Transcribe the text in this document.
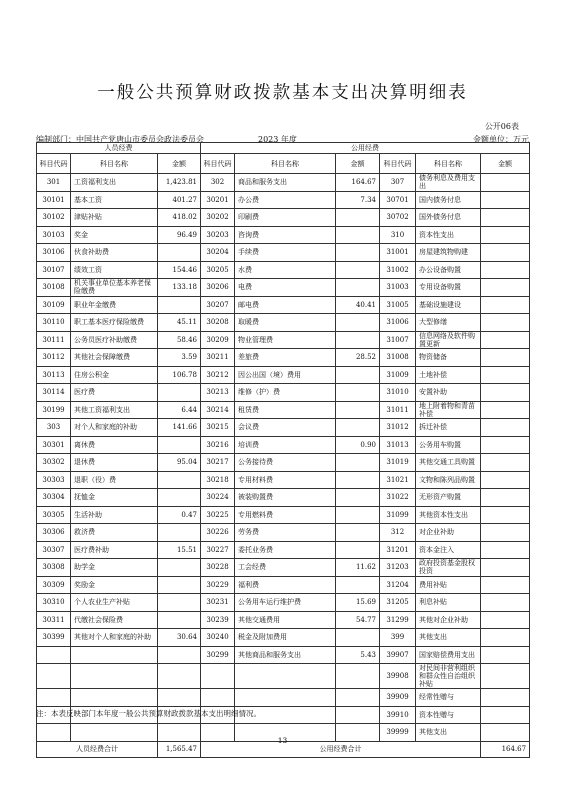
一般公共预算财政拨款基本支出决算明细表
公开06表
编制部门：中国共产党唐山市委员会政法委员会	2023 年度	金额单位：万元
人员经费			公用经费					
科目代码	科目名称	金额	科目代码	科目名称	金额	科目代码	科目名称	金额
301	工资福利支出	1,423.81	302	商品和服务支出	164.67	307	债务利息及费用支出	
30101	基本工资	401.27	30201	办公费	7.34	30701	国内债务付息	
30102	津贴补贴	418.02	30202	印刷费		30702	国外债务付息	
30103	奖金	96.49	30203	咨询费		310	资本性支出	
30106	伙食补助费		30204	手续费		31001	房屋建筑物购建	
30107	绩效工资	154.46	30205	水费		31002	办公设备购置	
30108	机关事业单位基本养老保险缴费	133.18	30206	电费		31003	专用设备购置	
30109	职业年金缴费		30207	邮电费	40.41	31005	基础设施建设	
30110	职工基本医疗保险缴费	45.11	30208	取暖费		31006	大型修缮	
30111	公务员医疗补助缴费	58.46	30209	物业管理费		31007	信息网络及软件购置更新	
30112	其他社会保障缴费	3.59	30211	差旅费	28.52	31008	物资储备	
30113	住房公积金	106.78	30212	因公出国（境）费用		31009	土地补偿	
30114	医疗费		30213	维修（护）费		31010	安置补助	
30199	其他工资福利支出	6.44	30214	租赁费		31011	地上附着物和青苗补偿	
303	对个人和家庭的补助	141.66	30215	会议费		31012	拆迁补偿	
30301	离休费		30216	培训费	0.90	31013	公务用车购置	
30302	退休费	95.04	30217	公务接待费		31019	其他交通工具购置	
30303	退职（役）费		30218	专用材料费		31021	文物和陈列品购置	
30304	抚恤金		30224	被装购置费		31022	无形资产购置	
30305	生活补助	0.47	30225	专用燃料费		31099	其他资本性支出	
30306	救济费		30226	劳务费		312	对企业补助	
30307	医疗费补助	15.51	30227	委托业务费		31201	资本金注入	
30308	助学金		30228	工会经费	11.62	31203	政府投资基金股权投资	
30309	奖励金		30229	福利费		31204	费用补贴	
30310	个人农业生产补贴		30231	公务用车运行维护费	15.69	31205	利息补贴	
30311	代缴社会保险费		30239	其他交通费用	54.77	31299	其他对企业补助	
30399	其他对个人和家庭的补助	30.64	30240	税金及附加费用		399	其他支出	
			30299	其他商品和服务支出	5.43	39907	国家赔偿费用支出	
						39908	对民间非营利组织和群众性自治组织补贴	
						39909	经常性赠与	
						39910	资本性赠与	
						39999	其他支出	
人员经费合计		1,565.47	公用经费合计					164.67
注：本表反映部门本年度一般公共预算财政拨款基本支出明细情况。
13
